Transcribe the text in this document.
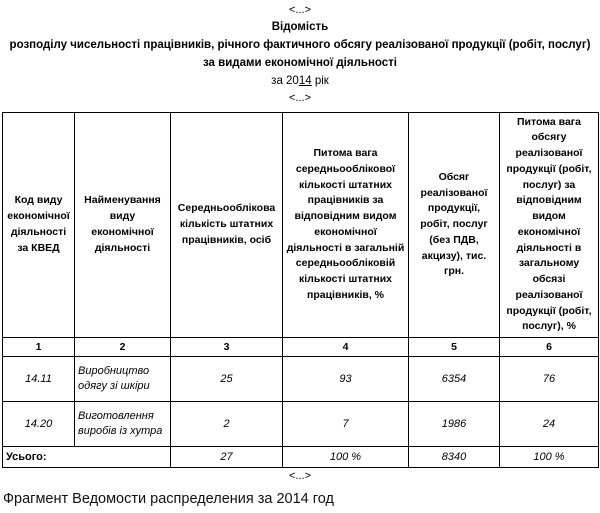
<...>
Відомість
розподілу чисельності працівників, річного фактичного обсягу реалізованої продукції (робіт, послуг)
за видами економічної діяльності
за 2014 рік
<...>
Код виду економічної діяльності за КВЕД	Найменування виду економічної діяльності	Середньооблікова кількість штатних працівників, осіб	Питома вага середньооблікової кількості штатних працівників за відповідним видом економічної діяльності в загальній середньообліковій кількості штатних працівників, %	Обсяг реалізованої продукції, робіт, послуг (без ПДВ, акцизу), тис. грн.	Питома вага обсягу реалізованої продукції (робіт, послуг) за відповідним видом економічної діяльності в загальному обсязі реалізованої продукції (робіт, послуг), %
1	2	3	4	5	6
14.11	Виробництво одягу зі шкіри	25	93	6354	76
14.20	Виготовлення виробів із хутра	2	7	1986	24
Усього:		27	100 %	8340	100 %
<...>
Фрагмент Ведомости распределения за 2014 год
